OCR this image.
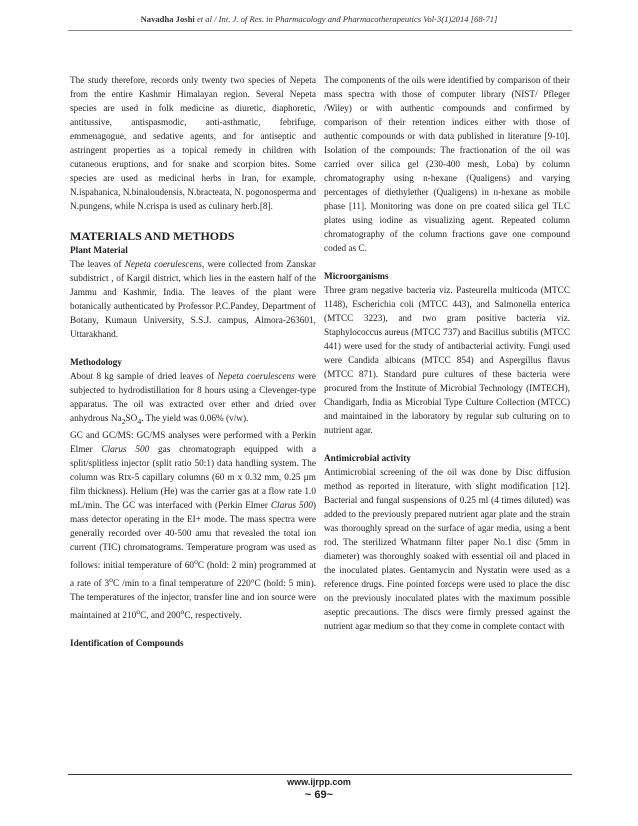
Navadha Joshi et al / Int. J. of Res. in Pharmacology and Pharmacotherapeutics Vol-3(1)2014 [68-71]

The study therefore, records only twenty two species of Nepeta from the entire Kashmir Himalayan region. Several Nepeta species are used in folk medicine as diuretic, diaphoretic, antitussive, antispasmodic, anti-asthmatic, febrifuge, emmenagogue, and sedative agents, and for antiseptic and astringent properties as a topical remedy in children with cutaneous eruptions, and for snake and scorpion bites. Some species are used as medicinal herbs in Iran, for example, N.ispahanica, N.binaloudensis, N.bracteata, N. pogonosperma and N.pungens, while N.crispa is used as culinary herb.[8].

MATERIALS AND METHODS

Plant Material

The leaves of Nepeta coerulescens, were collected from Zanskar subdistrict , of Kargil district, which lies in the eastern half of the Jammu and Kashmir, India. The leaves of the plant were botanically authenticated by Professor P.C.Pandey, Department of Botany, Kumaun University, S.S.J. campus, Almora-263601, Uttarakhand.

Methodology

About 8 kg sample of dried leaves of Nepeta coerulescens were subjected to hydrodistillation for 8 hours using a Clevenger-type apparatus. The oil was extracted over ether and dried over anhydrous $Na_2SO_4$. The yield was 0.06% (v/w).

GC and GC/MS: GC/MS analyses were performed with a Perkin Elmer Clarus 500 gas chromatograph equipped with a split/splitless injector (split ratio 50:1) data handling system. The column was Rtx-5 capillary columns (60 m x 0.32 mm, 0.25 µm film thickness). Helium (He) was the carrier gas at a flow rate 1.0 mL/min. The GC was interfaced with (Perkin Elmer Clarus 500) mass detector operating in the EI+ mode. The mass spectra were generally recorded over 40-500 amu that revealed the total ion current (TIC) chromatograms. Temperature program was used as follows: initial temperature of 60$^o$C (hold: 2 min) programmed at a rate of 3$^o$C /min to a final temperature of 220°C (hold: 5 min). The temperatures of the injector, transfer line and ion source were maintained at 210$^o$C, and 200$^o$C, respectively.

Identification of Compounds

The components of the oils were identified by comparison of their mass spectra with those of computer library (NIST/ Pfleger /Wiley) or with authentic compounds and confirmed by comparison of their retention indices either with those of authentic compounds or with data published in literature [9-10]. Isolation of the compounds: The fractionation of the oil was carried over silica gel (230-400 mesh, Loba) by column chromatography using n-hexane (Qualigens) and varying percentages of diethylether (Qualigens) in n-hexane as mobile phase [11]. Monitoring was done on pre coated silica gel TLC plates using iodine as visualizing agent. Repeated column chromatography of the column fractions gave one compound coded as C.

Microorganisms

Three gram negative bacteria viz. Pasteurella multicoda (MTCC 1148), Escherichia coli (MTCC 443), and Salmonella enterica (MTCC 3223), and two gram positive bacteria viz. Staphylococcus aureus (MTCC 737) and Bacillus subtilis (MTCC 441) were used for the study of antibacterial activity. Fungi used were Candida albicans (MTCC 854) and Aspergillus flavus (MTCC 871). Standard pure cultures of these bacteria were procured from the Institute of Microbial Technology (IMTECH), Chandigarh, India as Microbial Type Culture Collection (MTCC) and maintained in the laboratory by regular sub culturing on to nutrient agar.

Antimicrobial activity

Antimicrobial screening of the oil was done by Disc diffusion method as reported in literature, with slight modification [12]. Bacterial and fungal suspensions of 0.25 ml (4 times diluted) was added to the previously prepared nutrient agar plate and the strain was thoroughly spread on the surface of agar media, using a bent rod. The sterilized Whatmann filter paper No.1 disc (5mm in diameter) was thoroughly soaked with essential oil and placed in the inoculated plates. Gentamycin and Nystatin were used as a reference drugs. Fine pointed forceps were used to place the disc on the previously inoculated plates with the maximum possible aseptic precautions. The discs were firmly pressed against the nutrient agar medium so that they come in complete contact with

www.ijrpp.com
~ 69~
